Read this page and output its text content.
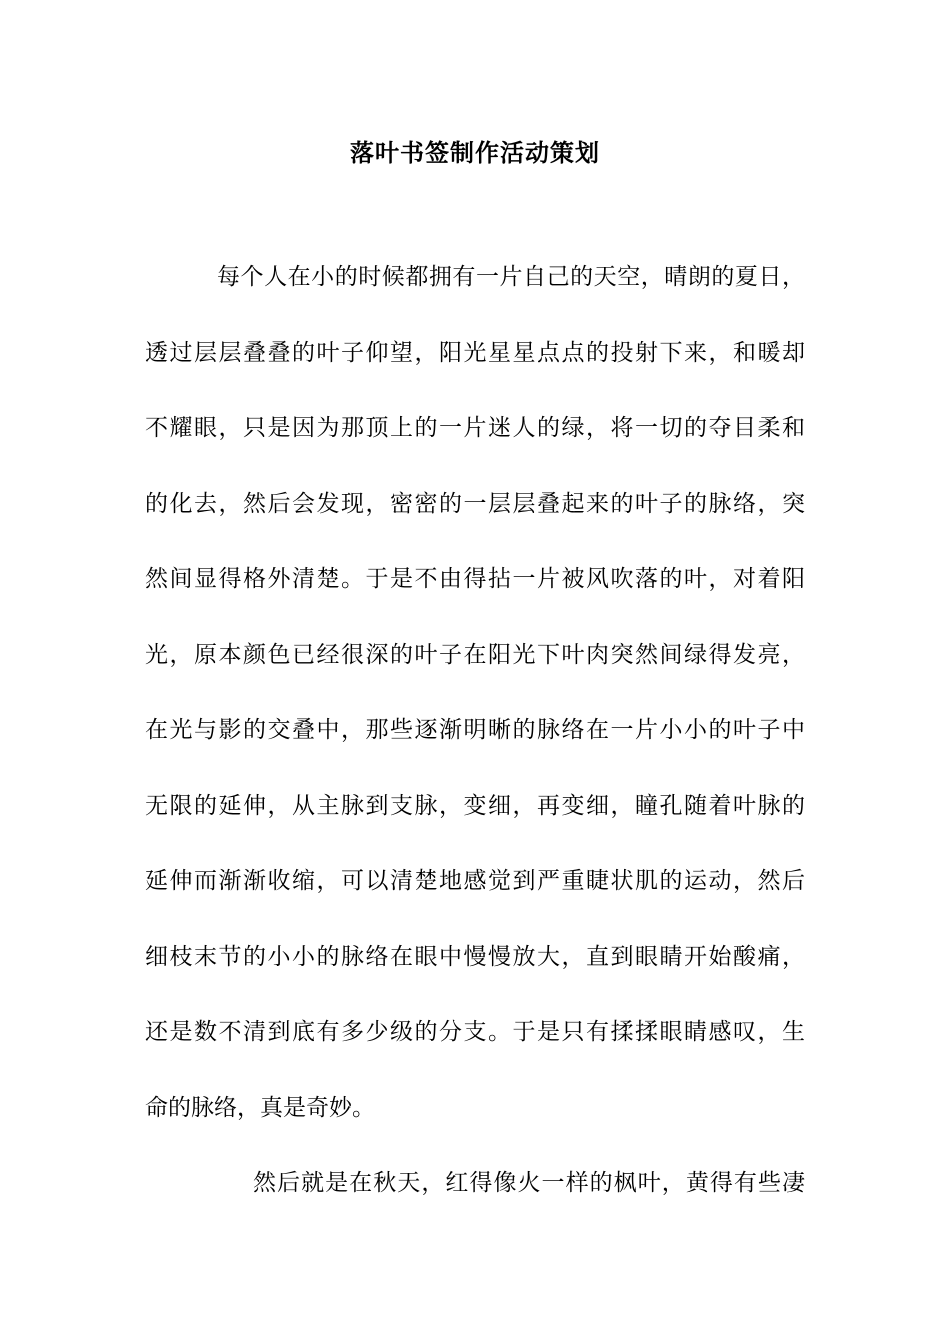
落叶书签制作活动策划
每个人在小的时候都拥有一片自己的天空，晴朗的夏日，
透过层层叠叠的叶子仰望，阳光星星点点的投射下来，和暖却
不耀眼，只是因为那顶上的一片迷人的绿，将一切的夺目柔和
的化去，然后会发现，密密的一层层叠起来的叶子的脉络，突
然间显得格外清楚。于是不由得拈一片被风吹落的叶，对着阳
光，原本颜色已经很深的叶子在阳光下叶肉突然间绿得发亮，
在光与影的交叠中，那些逐渐明晰的脉络在一片小小的叶子中
无限的延伸，从主脉到支脉，变细，再变细，瞳孔随着叶脉的
延伸而渐渐收缩，可以清楚地感觉到严重睫状肌的运动，然后
细枝末节的小小的脉络在眼中慢慢放大，直到眼睛开始酸痛，
还是数不清到底有多少级的分支。于是只有揉揉眼睛感叹，生
命的脉络，真是奇妙。
然后就是在秋天，红得像火一样的枫叶，黄得有些凄
